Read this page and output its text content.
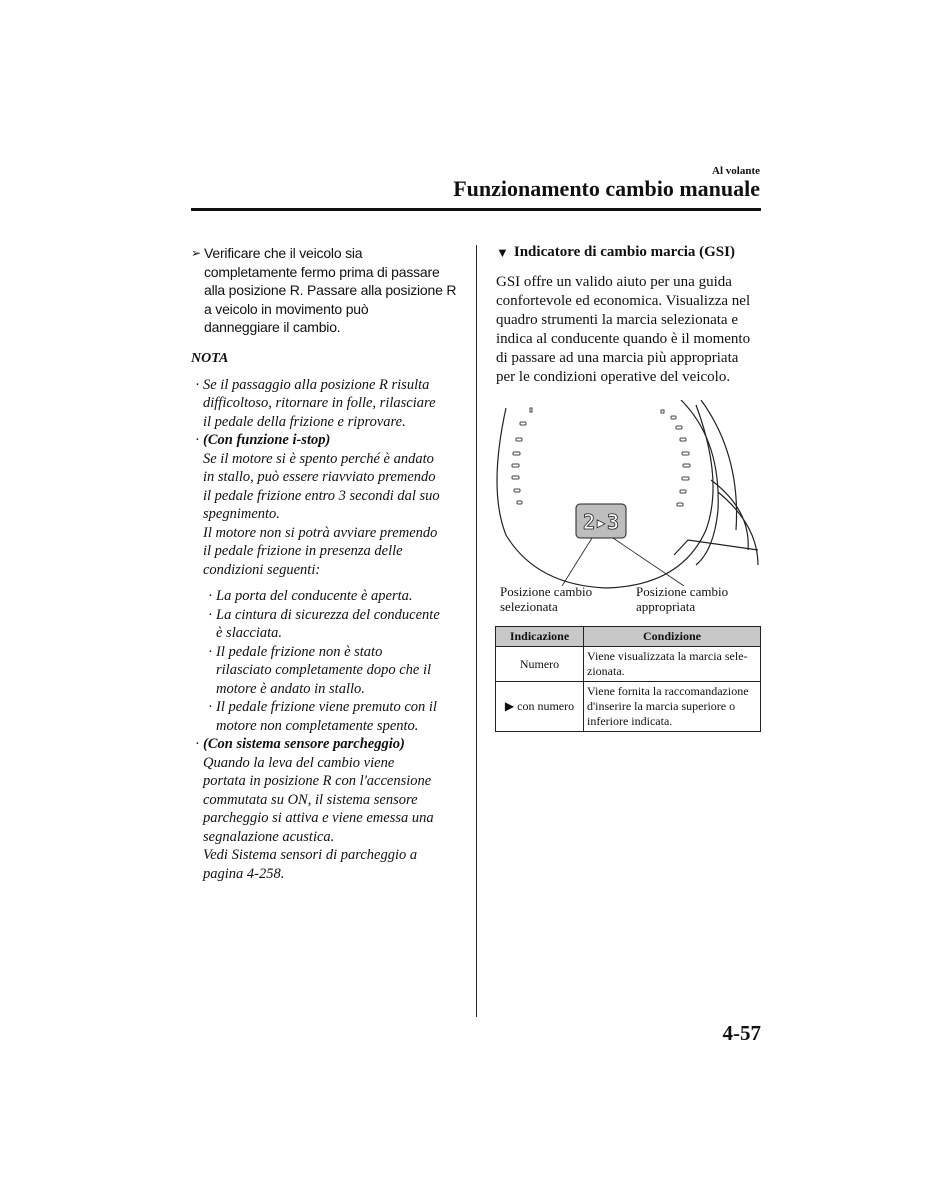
Al volante
Funzionamento cambio manuale
➢ Verificare che il veicolo sia
completamente fermo prima di passare
alla posizione R. Passare alla posizione R
a veicolo in movimento può
danneggiare il cambio.
NOTA
· Se il passaggio alla posizione R risulta
difficoltoso, ritornare in folle, rilasciare
il pedale della frizione e riprovare.
· (Con funzione i-stop)
Se il motore si è spento perché è andato
in stallo, può essere riavviato premendo
il pedale frizione entro 3 secondi dal suo
spegnimento.
Il motore non si potrà avviare premendo
il pedale frizione in presenza delle
condizioni seguenti:
· La porta del conducente è aperta.
· La cintura di sicurezza del conducente
è slacciata.
· Il pedale frizione non è stato
rilasciato completamente dopo che il
motore è andato in stallo.
· Il pedale frizione viene premuto con il
motore non completamente spento.
· (Con sistema sensore parcheggio)
Quando la leva del cambio viene
portata in posizione R con l'accensione
commutata su ON, il sistema sensore
parcheggio si attiva e viene emessa una
segnalazione acustica.
Vedi Sistema sensori di parcheggio a
pagina 4-258.
▼ Indicatore di cambio marcia (GSI)
GSI offre un valido aiuto per una guida
confortevole ed economica. Visualizza nel
quadro strumenti la marcia selezionata e
indica al conducente quando è il momento
di passare ad una marcia più appropriata
per le condizioni operative del veicolo.
2▸3
Posizione cambio
selezionata
Posizione cambio
appropriata
Indicazione	Condizione
Numero	Viene visualizzata la marcia sele-
zionata.

▶ con numero	Viene fornita la raccomandazione
d'inserire la marcia superiore o
inferiore indicata.
4-57
